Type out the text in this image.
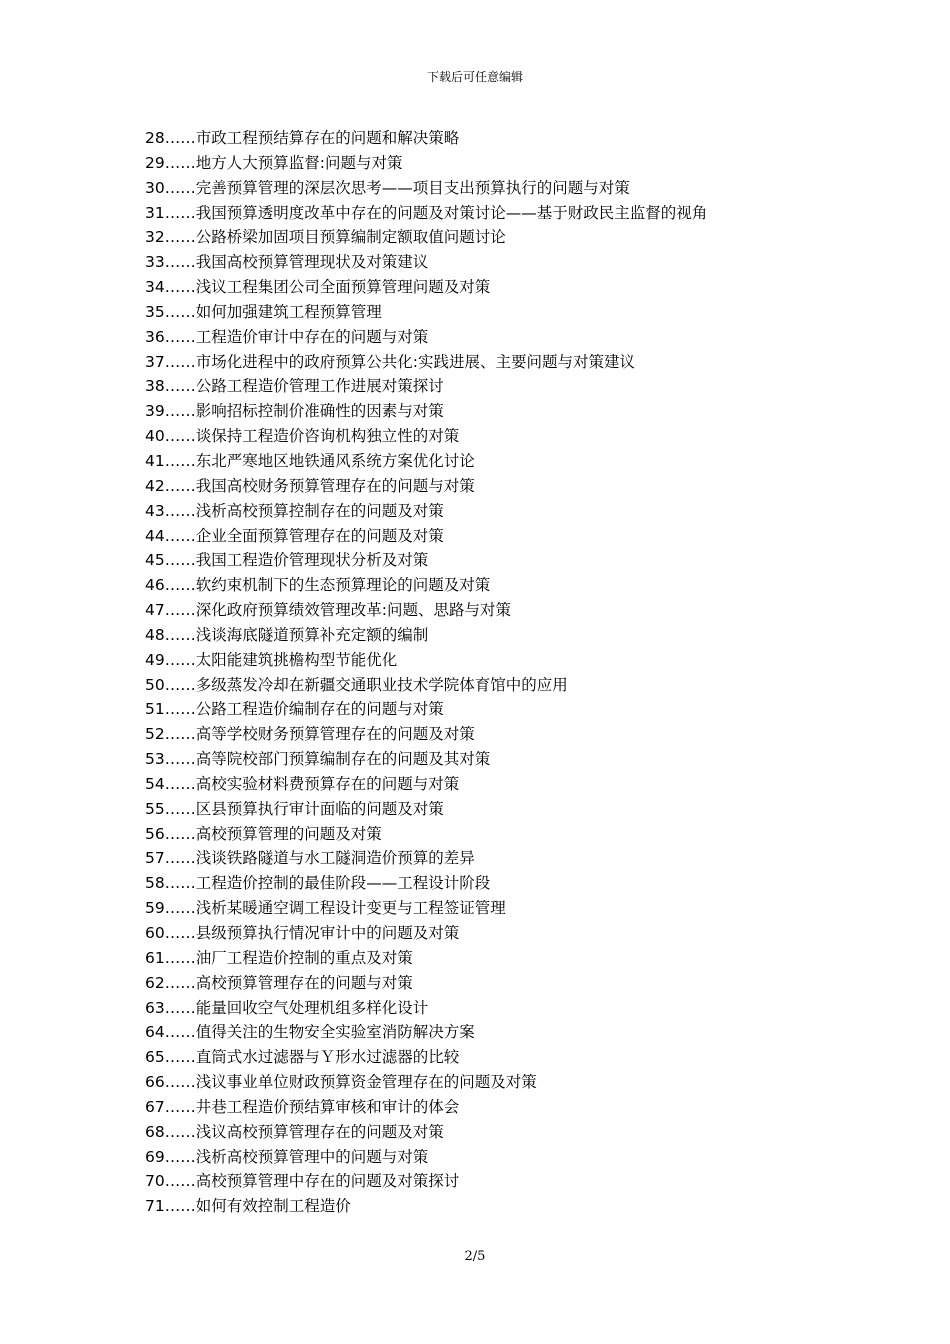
下载后可任意编辑
28……市政工程预结算存在的问题和解决策略
29……地方人大预算监督:问题与对策
30……完善预算管理的深层次思考——项目支出预算执行的问题与对策
31……我国预算透明度改革中存在的问题及对策讨论——基于财政民主监督的视角
32……公路桥梁加固项目预算编制定额取值问题讨论
33……我国高校预算管理现状及对策建议
34……浅议工程集团公司全面预算管理问题及对策
35……如何加强建筑工程预算管理
36……工程造价审计中存在的问题与对策
37……市场化进程中的政府预算公共化:实践进展、主要问题与对策建议
38……公路工程造价管理工作进展对策探讨
39……影响招标控制价准确性的因素与对策
40……谈保持工程造价咨询机构独立性的对策
41……东北严寒地区地铁通风系统方案优化讨论
42……我国高校财务预算管理存在的问题与对策
43……浅析高校预算控制存在的问题及对策
44……企业全面预算管理存在的问题及对策
45……我国工程造价管理现状分析及对策
46……软约束机制下的生态预算理论的问题及对策
47……深化政府预算绩效管理改革:问题、思路与对策
48……浅谈海底隧道预算补充定额的编制
49……太阳能建筑挑檐构型节能优化
50……多级蒸发冷却在新疆交通职业技术学院体育馆中的应用
51……公路工程造价编制存在的问题与对策
52……高等学校财务预算管理存在的问题及对策
53……高等院校部门预算编制存在的问题及其对策
54……高校实验材料费预算存在的问题与对策
55……区县预算执行审计面临的问题及对策
56……高校预算管理的问题及对策
57……浅谈铁路隧道与水工隧洞造价预算的差异
58……工程造价控制的最佳阶段——工程设计阶段
59……浅析某暖通空调工程设计变更与工程签证管理
60……县级预算执行情况审计中的问题及对策
61……油厂工程造价控制的重点及对策
62……高校预算管理存在的问题与对策
63……能量回收空气处理机组多样化设计
64……值得关注的生物安全实验室消防解决方案
65……直筒式水过滤器与Ｙ形水过滤器的比较
66……浅议事业单位财政预算资金管理存在的问题及对策
67……井巷工程造价预结算审核和审计的体会
68……浅议高校预算管理存在的问题及对策
69……浅析高校预算管理中的问题与对策
70……高校预算管理中存在的问题及对策探讨
71……如何有效控制工程造价
2/5
